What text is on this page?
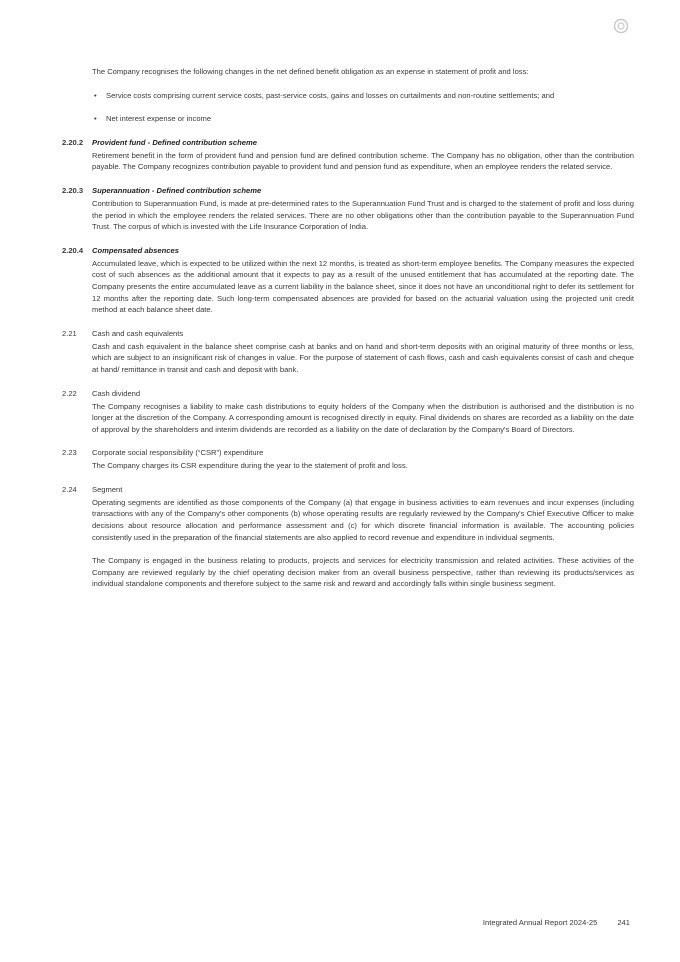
The Company recognises the following changes in the net defined benefit obligation as an expense in statement of profit and loss:

• Service costs comprising current service costs, past-service costs, gains and losses on curtailments and non-routine settlements; and
• Net interest expense or income
2.20.2	Provident fund - Defined contribution scheme

Retirement benefit in the form of provident fund and pension fund are defined contribution scheme. The Company has no obligation, other than the contribution payable. The Company recognizes contribution payable to provident fund and pension fund as expenditure, when an employee renders the related service.

2.20.3	Superannuation - Defined contribution scheme

Contribution to Superannuation Fund, is made at pre-determined rates to the Superannuation Fund Trust and is charged to the statement of profit and loss during the period in which the employee renders the related services. There are no other obligations other than the contribution payable to the Superannuation Fund Trust. The corpus of which is invested with the Life Insurance Corporation of India.

2.20.4	Compensated absences

Accumulated leave, which is expected to be utilized within the next 12 months, is treated as short-term employee benefits. The Company measures the expected cost of such absences as the additional amount that it expects to pay as a result of the unused entitlement that has accumulated at the reporting date. The Company presents the entire accumulated leave as a current liability in the balance sheet, since it does not have an unconditional right to defer its settlement for 12 months after the reporting date. Such long-term compensated absences are provided for based on the actuarial valuation using the projected unit credit method at each balance sheet date.

2.21	Cash and cash equivalents

Cash and cash equivalent in the balance sheet comprise cash at banks and on hand and short-term deposits with an original maturity of three months or less, which are subject to an insignificant risk of changes in value. For the purpose of statement of cash flows, cash and cash equivalents consist of cash and cheque at hand/ remittance in transit and cash and deposit with bank.

2.22	Cash dividend

The Company recognises a liability to make cash distributions to equity holders of the Company when the distribution is authorised and the distribution is no longer at the discretion of the Company. A corresponding amount is recognised directly in equity. Final dividends on shares are recorded as a liability on the date of approval by the shareholders and interim dividends are recorded as a liability on the date of declaration by the Company's Board of Directors.

2.23	Corporate social responsibility (“CSR”) expenditure

The Company charges its CSR expenditure during the year to the statement of profit and loss.

2.24	Segment

Operating segments are identified as those components of the Company (a) that engage in business activities to earn revenues and incur expenses (including transactions with any of the Company's other components (b) whose operating results are regularly reviewed by the Company's Chief Executive Officer to make decisions about resource allocation and performance assessment and (c) for which discrete financial information is available. The accounting policies consistently used in the preparation of the financial statements are also applied to record revenue and expenditure in individual segments.

The Company is engaged in the business relating to products, projects and services for electricity transmission and related activities. These activities of the Company are reviewed regularly by the chief operating decision maker from an overall business perspective, rather than reviewing its products/services as individual standalone components and therefore subject to the same risk and reward and accordingly falls within single business segment.

Integrated Annual Report 2024-25	241
